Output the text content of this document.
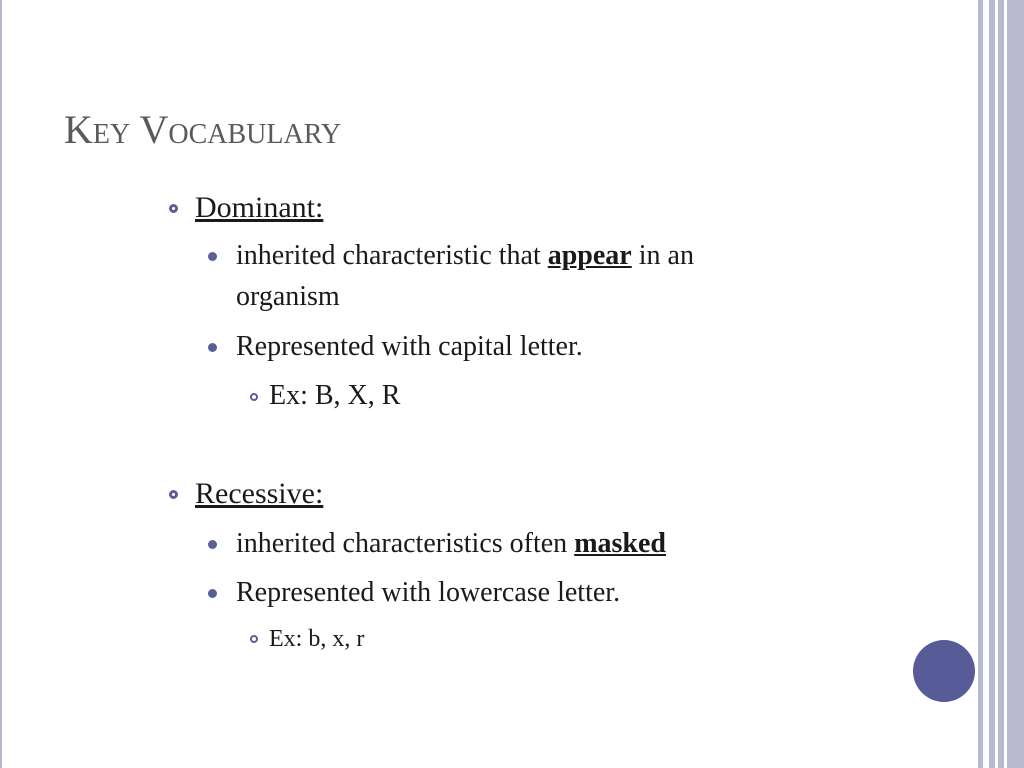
Key Vocabulary
Dominant:
inherited characteristic that appear in an
organism
Represented with capital letter.
Ex: B, X, R
Recessive:
inherited characteristics often masked
Represented with lowercase letter.
Ex: b, x, r
